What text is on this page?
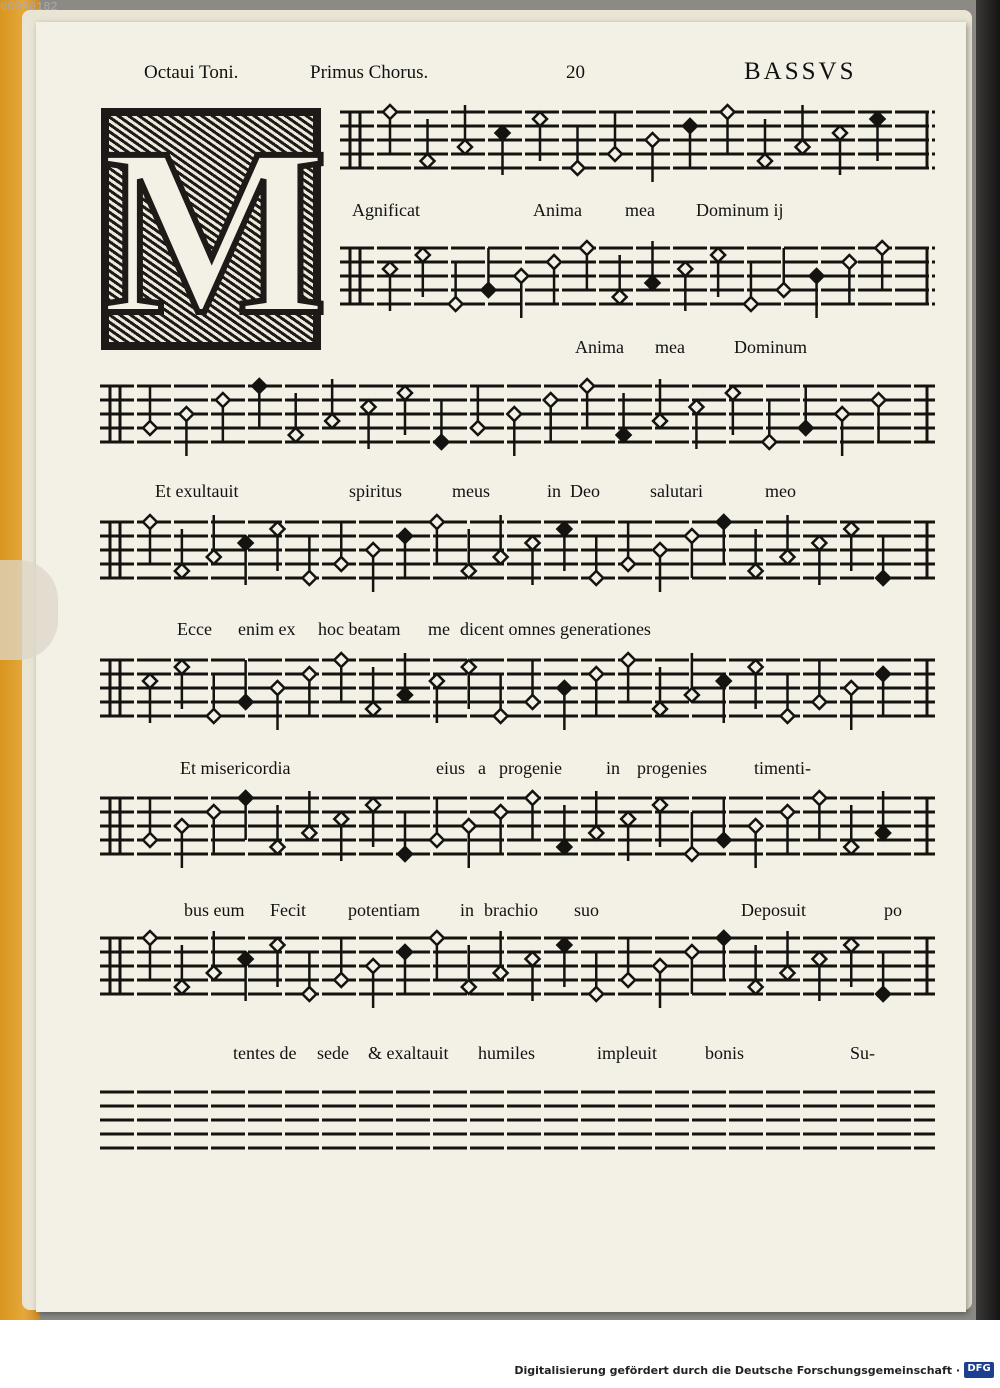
00090182
Octaui Toni.	Primus Chorus.	20	BASSVS
M Agnificat	Anima mea Dominum ij
Anima mea	Dominum
Et exultauit	spiritus	meus	in Deo	salutari	meo
Ecce enim ex hoc beatam me dicent omnes generationes
Et misericordia	eius a progenie in progenies	timenti-
bus eum Fecit potentiam in brachio suo	Deposuit	po
tentes de sede & exaltauit humiles	impleuit	bonis	Su-
Digitalisierung gefördert durch die Deutsche Forschungsgemeinschaft · DFG
